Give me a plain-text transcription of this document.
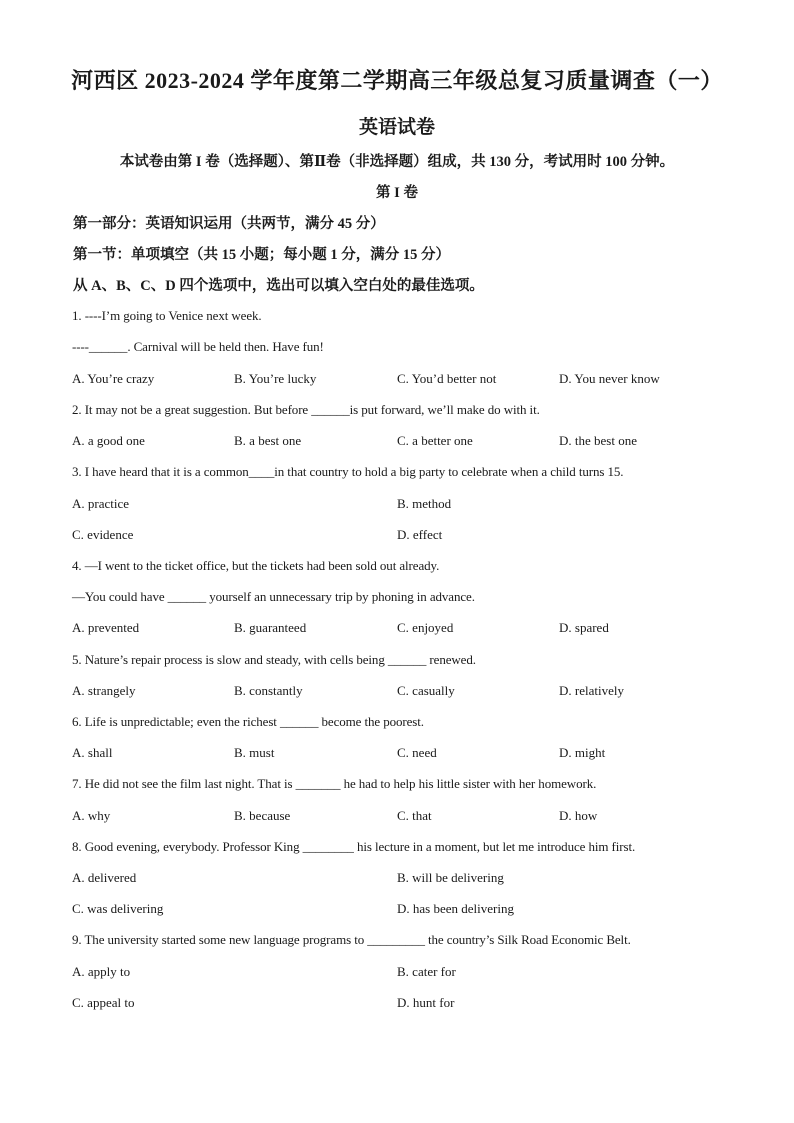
河西区 2023-2024 学年度第二学期高三年级总复习质量调查（一）
英语试卷
本试卷由第 I 卷（选择题）、第Ⅱ卷（非选择题）组成，共 130 分，考试用时 100 分钟。
第 I 卷
第一部分：英语知识运用（共两节，满分 45 分）
第一节：单项填空（共 15 小题；每小题 1 分，满分 15 分）
从 A、B、C、D 四个选项中，选出可以填入空白处的最佳选项。
1. ----I’m going to Venice next week.
----______. Carnival will be held then. Have fun!
A. You’re crazy	B. You’re lucky	C. You’d better not	D. You never know
2. It may not be a great suggestion. But before ______is put forward, we’ll make do with it.
A. a good one	B. a best one	C. a better one	D. the best one
3. I have heard that it is a common____in that country to hold a big party to celebrate when a child turns 15.
A. practice	B. method
C. evidence	D. effect
4. —I went to the ticket office, but the tickets had been sold out already.
—You could have ______ yourself an unnecessary trip by phoning in advance.
A. prevented	B. guaranteed	C. enjoyed	D. spared
5. Nature’s repair process is slow and steady, with cells being ______ renewed.
A. strangely	B. constantly	C. casually	D. relatively
6. Life is unpredictable; even the richest ______ become the poorest.
A. shall	B. must	C. need	D. might
7. He did not see the film last night. That is _______ he had to help his little sister with her homework.
A. why	B. because	C. that	D. how
8. Good evening, everybody. Professor King ________ his lecture in a moment, but let me introduce him first.
A. delivered	B. will be delivering
C. was delivering	D. has been delivering
9. The university started some new language programs to _________ the country’s Silk Road Economic Belt.
A. apply to	B. cater for
C. appeal to	D. hunt for
